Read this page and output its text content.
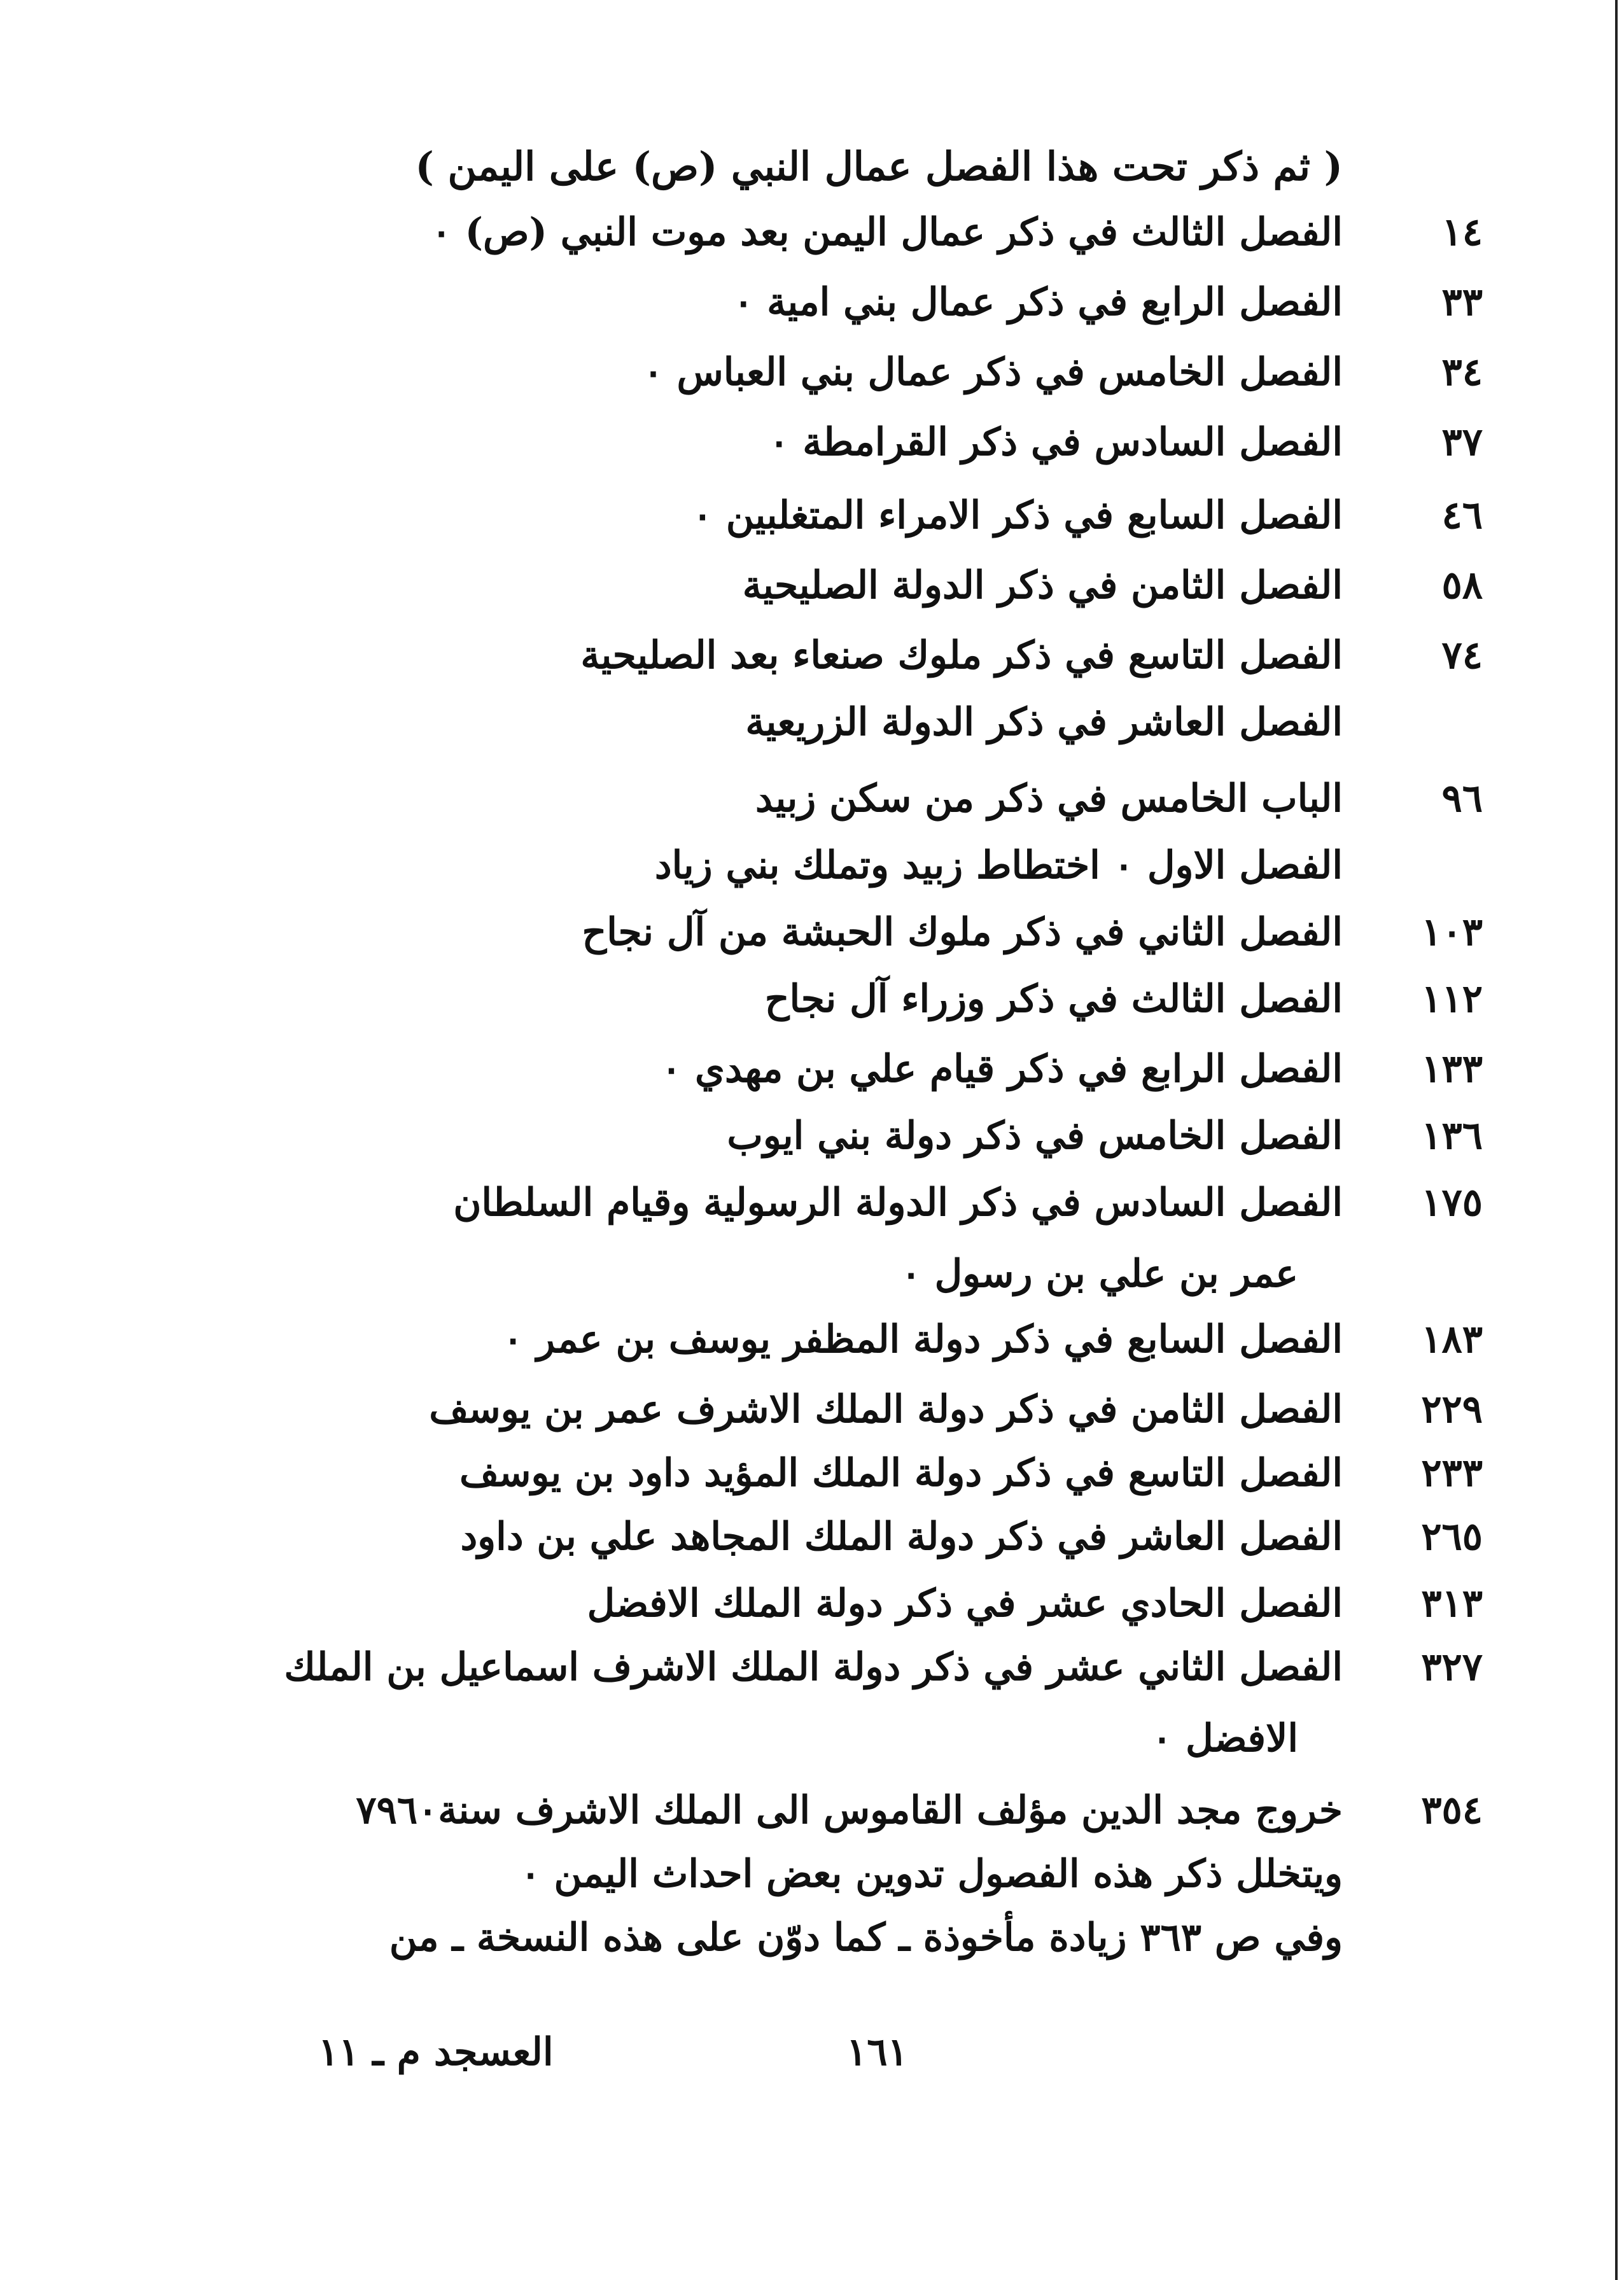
( ثم ذكر تحت هذا الفصل عمال النبي (ص) على اليمن )
١٤
الفصل الثالث في ذكر عمال اليمن بعد موت النبي (ص) ٠
٣٣
الفصل الرابع في ذكر عمال بني امية ٠
٣٤
الفصل الخامس في ذكر عمال بني العباس ٠
٣٧
الفصل السادس في ذكر القرامطة ٠
٤٦
الفصل السابع في ذكر الامراء المتغلبين ٠
٥٨
الفصل الثامن في ذكر الدولة الصليحية
٧٤
الفصل التاسع في ذكر ملوك صنعاء بعد الصليحية
الفصل العاشر في ذكر الدولة الزريعية
٩٦
الباب الخامس في ذكر من سكن زبيد
الفصل الاول ٠ اختطاط زبيد وتملك بني زياد
١٠٣
الفصل الثاني في ذكر ملوك الحبشة من آل نجاح
١١٢
الفصل الثالث في ذكر وزراء آل نجاح
١٣٣
الفصل الرابع في ذكر قيام علي بن مهدي ٠
١٣٦
الفصل الخامس في ذكر دولة بني ايوب
١٧٥
الفصل السادس في ذكر الدولة الرسولية وقيام السلطان
عمر بن علي بن رسول ٠
١٨٣
الفصل السابع في ذكر دولة المظفر يوسف بن عمر ٠
٢٢٩
الفصل الثامن في ذكر دولة الملك الاشرف عمر بن يوسف
٢٣٣
الفصل التاسع في ذكر دولة الملك المؤيد داود بن يوسف
٢٦٥
الفصل العاشر في ذكر دولة الملك المجاهد علي بن داود
٣١٣
الفصل الحادي عشر في ذكر دولة الملك الافضل
٣٢٧
الفصل الثاني عشر في ذكر دولة الملك الاشرف اسماعيل بن الملك
الافضل ٠
٣٥٤
خروج مجد الدين مؤلف القاموس الى الملك الاشرف سنة٧٩٦٠
ويتخلل ذكر هذه الفصول تدوين بعض احداث اليمن ٠
وفي ص ٣٦٣ زيادة مأخوذة ـ كما دوّن على هذه النسخة ـ من
١٦١
العسجد م ـ ١١
